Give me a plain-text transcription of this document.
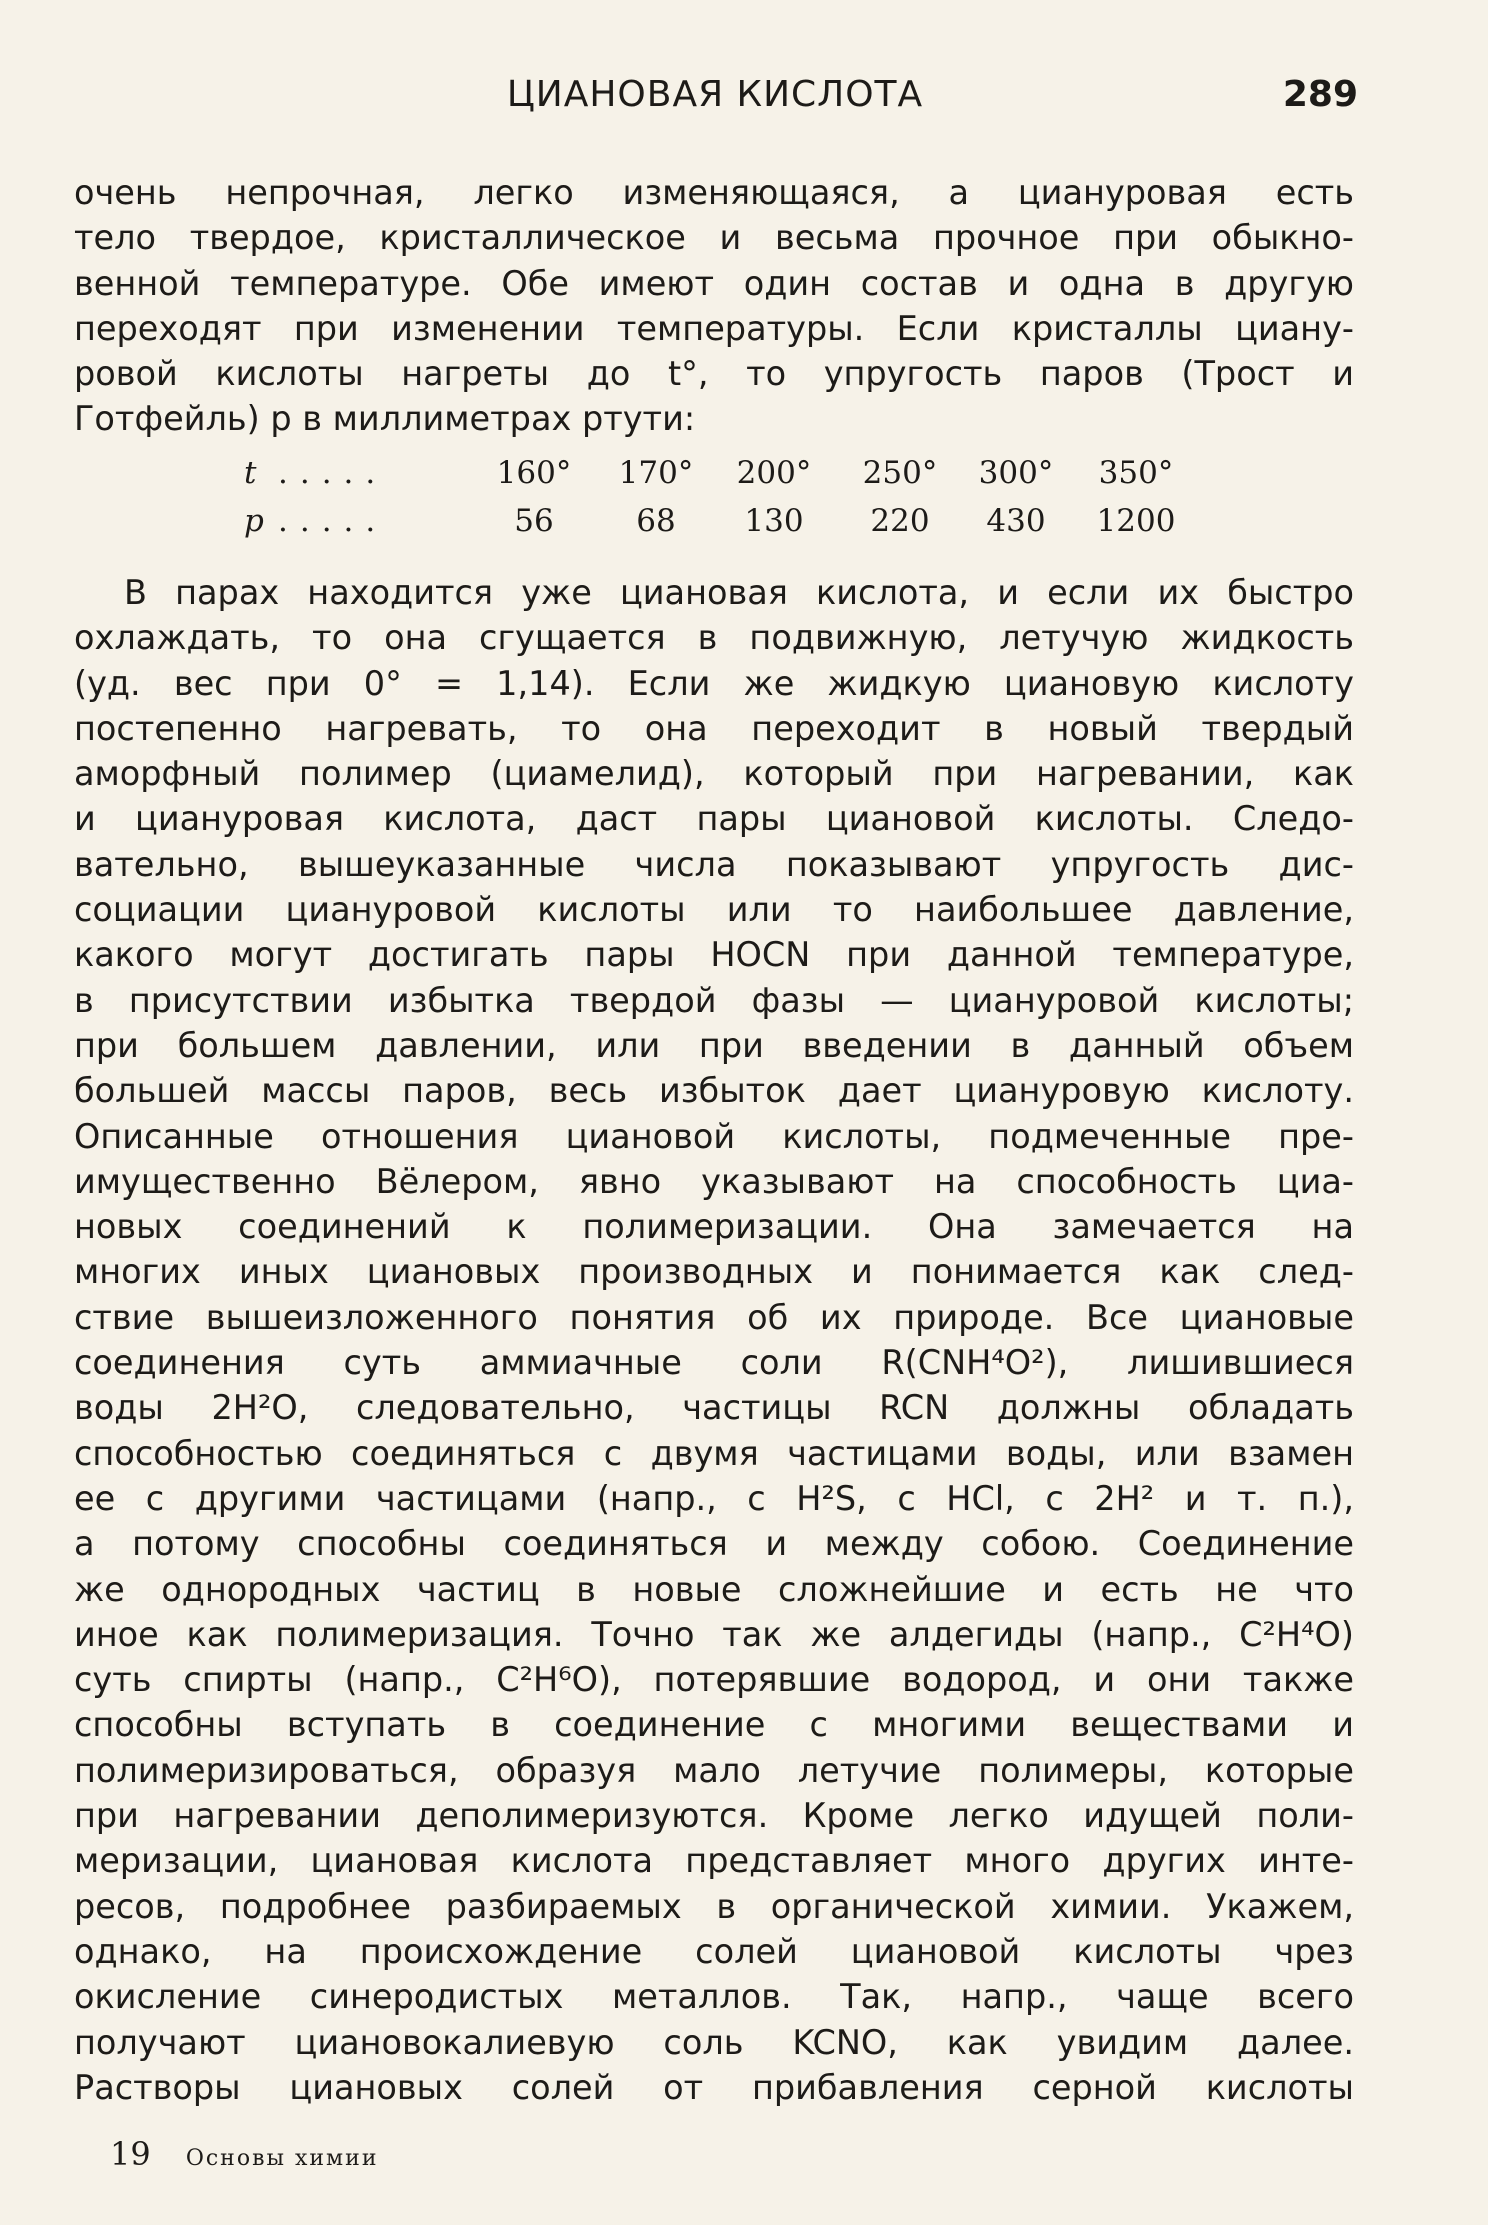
ЦИАНОВАЯ КИСЛОТА	289
очень непрочная, легко изменяющаяся, а циануровая есть
тело твердое, кристаллическое и весьма прочное при обыкно-
венной температуре. Обе имеют один состав и одна в другую
переходят при изменении температуры. Если кристаллы циану-
ровой кислоты нагреты до t°, то упругость паров (Трост и
Готфейль) p в миллиметрах ртути:
t .....	160°	170°	200°	250°	300°	350°
p .....	56	68	130	220	430	1200
В парах находится уже циановая кислота, и если их быстро
охлаждать, то она сгущается в подвижную, летучую жидкость
(уд. вес при 0° = 1,14). Если же жидкую циановую кислоту
постепенно нагревать, то она переходит в новый твердый
аморфный полимер (циамелид), который при нагревании, как
и циануровая кислота, даст пары циановой кислоты. Следо-
вательно, вышеуказанные числа показывают упругость дис-
социации циануровой кислоты или то наибольшее давление,
какого могут достигать пары HOCN при данной температуре,
в присутствии избытка твердой фазы — циануровой кислоты;
при большем давлении, или при введении в данный объем
большей массы паров, весь избыток дает циануровую кислоту.
Описанные отношения циановой кислоты, подмеченные пре-
имущественно Вёлером, явно указывают на способность циа-
новых соединений к полимеризации. Она замечается на
многих иных циановых производных и понимается как след-
ствие вышеизложенного понятия об их природе. Все циановые
соединения суть аммиачные соли R(CNH⁴O²), лишившиеся
воды 2H²O, следовательно, частицы RCN должны обладать
способностью соединяться с двумя частицами воды, или взамен
ее с другими частицами (напр., с H²S, с HCl, с 2H² и т. п.),
а потому способны соединяться и между собою. Соединение
же однородных частиц в новые сложнейшие и есть не что
иное как полимеризация. Точно так же алдегиды (напр., C²H⁴O)
суть спирты (напр., C²H⁶O), потерявшие водород, и они также
способны вступать в соединение с многими веществами и
полимеризироваться, образуя мало летучие полимеры, которые
при нагревании деполимеризуются. Кроме легко идущей поли-
меризации, циановая кислота представляет много других инте-
ресов, подробнее разбираемых в органической химии. Укажем,
однако, на происхождение солей циановой кислоты чрез
окисление синеродистых металлов. Так, напр., чаще всего
получают циановокалиевую соль KCNO, как увидим далее.
Растворы циановых солей от прибавления серной кислоты
19 Основы химии
